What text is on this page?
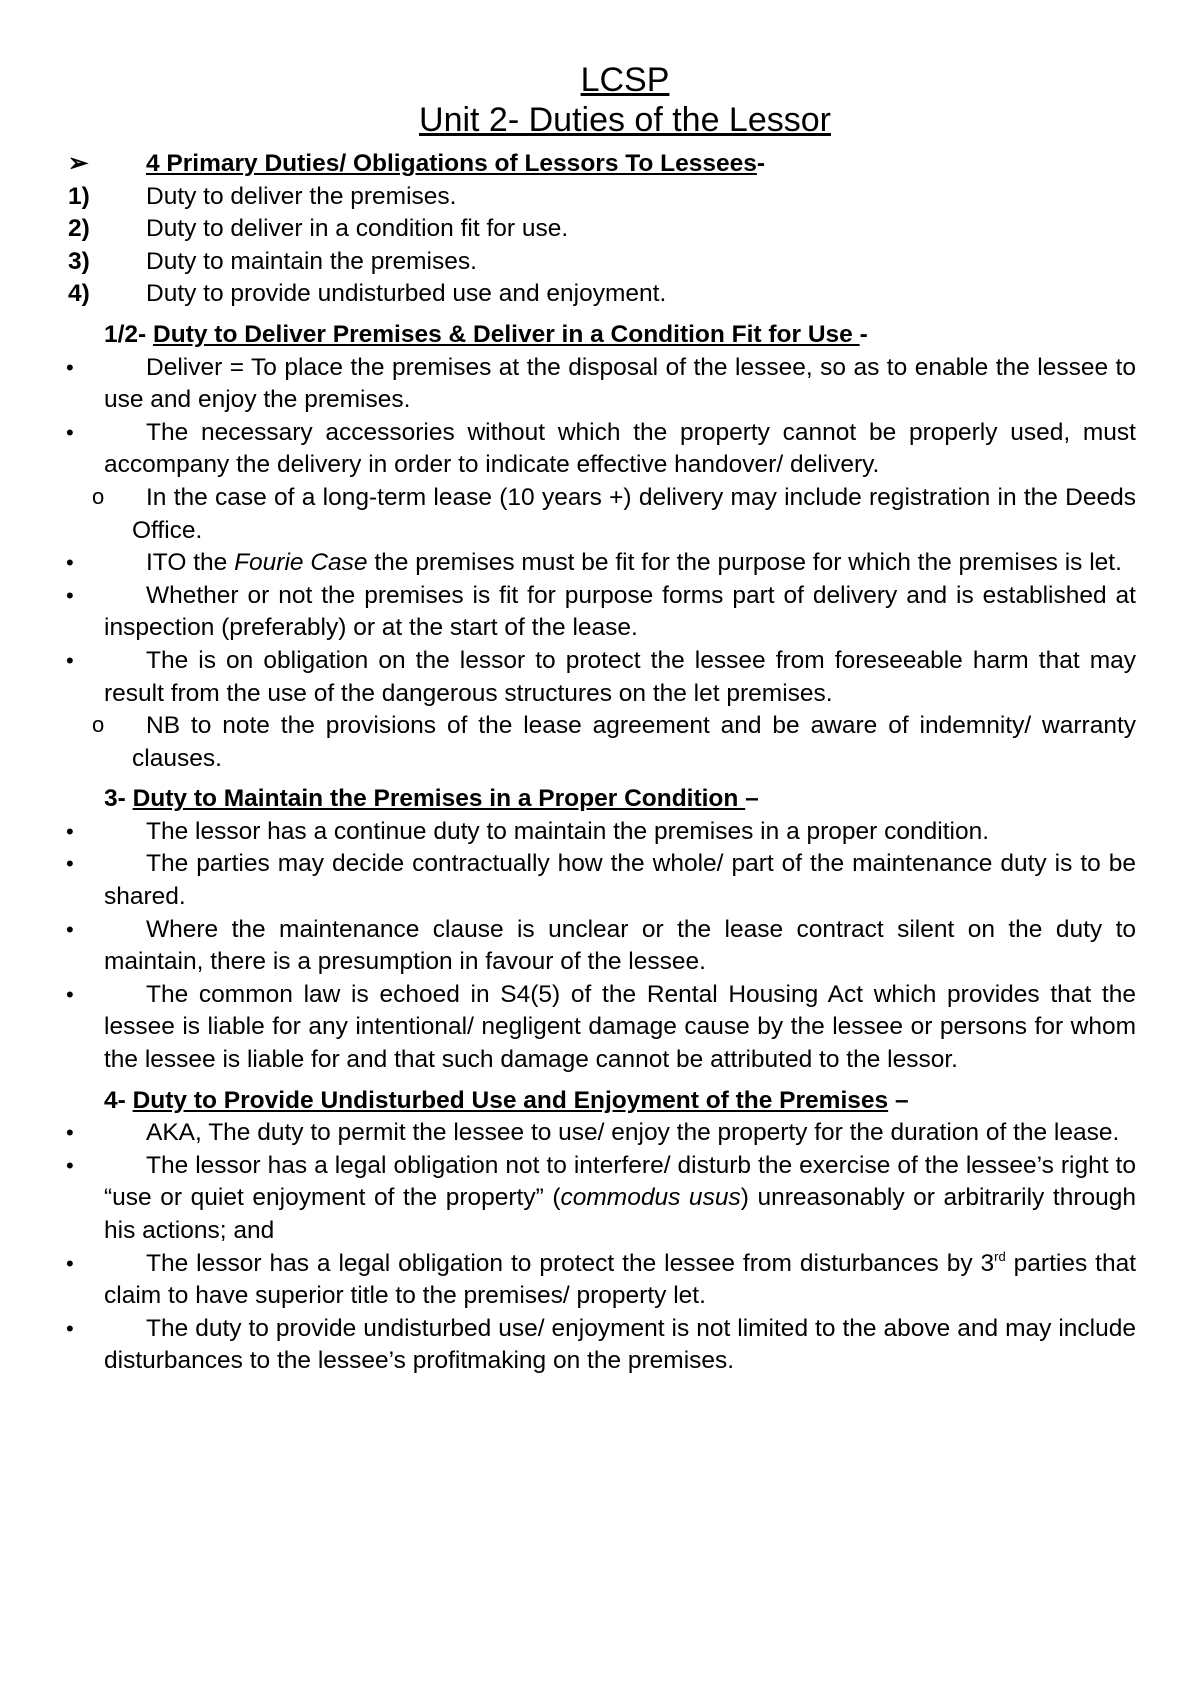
LCSP
Unit 2- Duties of the Lessor
➢ 4 Primary Duties/ Obligations of Lessors To Lessees-
1) Duty to deliver the premises.
2) Duty to deliver in a condition fit for use.
3) Duty to maintain the premises.
4) Duty to provide undisturbed use and enjoyment.
1/2- Duty to Deliver Premises & Deliver in a Condition Fit for Use -
•	Deliver = To place the premises at the disposal of the lessee, so as to enable the lessee to use and enjoy the premises.
•	The necessary accessories without which the property cannot be properly used, must accompany the delivery in order to indicate effective handover/ delivery.
o In the case of a long-term lease (10 years +) delivery may include registration in the Deeds Office.
•	ITO the Fourie Case the premises must be fit for the purpose for which the premises is let.
•	Whether or not the premises is fit for purpose forms part of delivery and is established at inspection (preferably) or at the start of the lease.
•	The is on obligation on the lessor to protect the lessee from foreseeable harm that may result from the use of the dangerous structures on the let premises.
o NB to note the provisions of the lease agreement and be aware of indemnity/ warranty clauses.
3- Duty to Maintain the Premises in a Proper Condition –
•	The lessor has a continue duty to maintain the premises in a proper condition.
•	The parties may decide contractually how the whole/ part of the maintenance duty is to be shared.
•	Where the maintenance clause is unclear or the lease contract silent on the duty to maintain, there is a presumption in favour of the lessee.
•	The common law is echoed in S4(5) of the Rental Housing Act which provides that the lessee is liable for any intentional/ negligent damage cause by the lessee or persons for whom the lessee is liable for and that such damage cannot be attributed to the lessor.
4- Duty to Provide Undisturbed Use and Enjoyment of the Premises –
•	AKA, The duty to permit the lessee to use/ enjoy the property for the duration of the lease.
•	The lessor has a legal obligation not to interfere/ disturb the exercise of the lessee’s right to “use or quiet enjoyment of the property” (commodus usus) unreasonably or arbitrarily through his actions; and
•	The lessor has a legal obligation to protect the lessee from disturbances by 3rd parties that claim to have superior title to the premises/ property let.
•	The duty to provide undisturbed use/ enjoyment is not limited to the above and may include disturbances to the lessee’s profitmaking on the premises.
